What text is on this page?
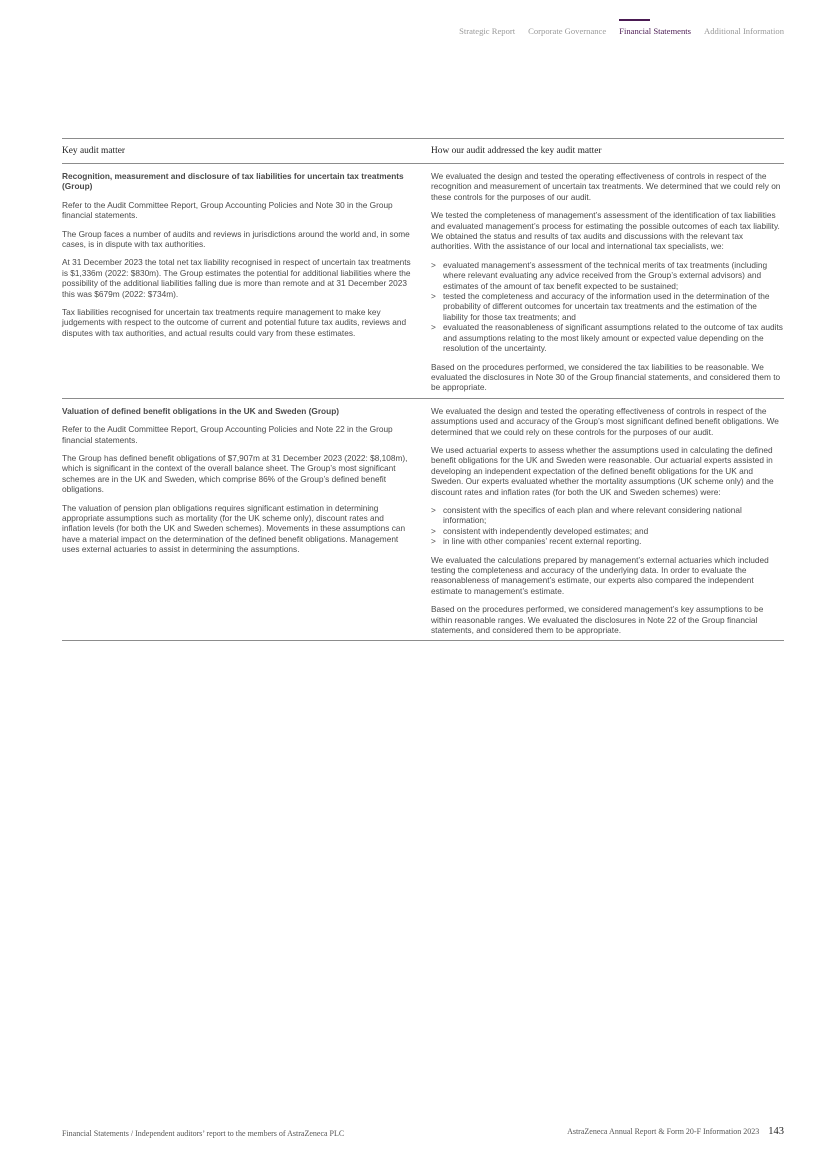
Strategic Report Corporate Governance Financial Statements Additional Information
Key audit matter	How our audit addressed the key audit matter

Recognition, measurement and disclosure of tax liabilities for uncertain tax treatments (Group)

Refer to the Audit Committee Report, Group Accounting Policies and Note 30 in the Group financial statements.

The Group faces a number of audits and reviews in jurisdictions around the world and, in some cases, is in dispute with tax authorities.

At 31 December 2023 the total net tax liability recognised in respect of uncertain tax treatments is $1,336m (2022: $830m). The Group estimates the potential for additional liabilities where the possibility of the additional liabilities falling due is more than remote and at 31 December 2023 this was $679m (2022: $734m).

Tax liabilities recognised for uncertain tax treatments require management to make key judgements with respect to the outcome of current and potential future tax audits, reviews and disputes with tax authorities, and actual results could vary from these estimates.

We evaluated the design and tested the operating effectiveness of controls in respect of the recognition and measurement of uncertain tax treatments. We determined that we could rely on these controls for the purposes of our audit.

We tested the completeness of management’s assessment of the identification of tax liabilities and evaluated management’s process for estimating the possible outcomes of each tax liability. We obtained the status and results of tax audits and discussions with the relevant tax authorities. With the assistance of our local and international tax specialists, we:

> evaluated management’s assessment of the technical merits of tax treatments (including where relevant evaluating any advice received from the Group’s external advisors) and estimates of the amount of tax benefit expected to be sustained;
> tested the completeness and accuracy of the information used in the determination of the probability of different outcomes for uncertain tax treatments and the estimation of the liability for those tax treatments; and
> evaluated the reasonableness of significant assumptions related to the outcome of tax audits and assumptions relating to the most likely amount or expected value depending on the resolution of the uncertainty.

Based on the procedures performed, we considered the tax liabilities to be reasonable. We evaluated the disclosures in Note 30 of the Group financial statements, and considered them to be appropriate.

Valuation of defined benefit obligations in the UK and Sweden (Group)

Refer to the Audit Committee Report, Group Accounting Policies and Note 22 in the Group financial statements.

The Group has defined benefit obligations of $7,907m at 31 December 2023 (2022: $8,108m), which is significant in the context of the overall balance sheet. The Group’s most significant schemes are in the UK and Sweden, which comprise 86% of the Group’s defined benefit obligations.

The valuation of pension plan obligations requires significant estimation in determining appropriate assumptions such as mortality (for the UK scheme only), discount rates and inflation levels (for both the UK and Sweden schemes). Movements in these assumptions can have a material impact on the determination of the defined benefit obligations. Management uses external actuaries to assist in determining the assumptions.

We evaluated the design and tested the operating effectiveness of controls in respect of the assumptions used and accuracy of the Group’s most significant defined benefit obligations. We determined that we could rely on these controls for the purposes of our audit.

We used actuarial experts to assess whether the assumptions used in calculating the defined benefit obligations for the UK and Sweden were reasonable. Our actuarial experts assisted in developing an independent expectation of the defined benefit obligations for the UK and Sweden. Our experts evaluated whether the mortality assumptions (UK scheme only) and the discount rates and inflation rates (for both the UK and Sweden schemes) were:

> consistent with the specifics of each plan and where relevant considering national information;
> consistent with independently developed estimates; and
> in line with other companies’ recent external reporting.

We evaluated the calculations prepared by management’s external actuaries which included testing the completeness and accuracy of the underlying data. In order to evaluate the reasonableness of management’s estimate, our experts also compared the independent estimate to management’s estimate.

Based on the procedures performed, we considered management’s key assumptions to be within reasonable ranges. We evaluated the disclosures in Note 22 of the Group financial statements, and considered them to be appropriate.

Financial Statements / Independent auditors’ report to the members of AstraZeneca PLC	AstraZeneca Annual Report & Form 20-F Information 2023 143
